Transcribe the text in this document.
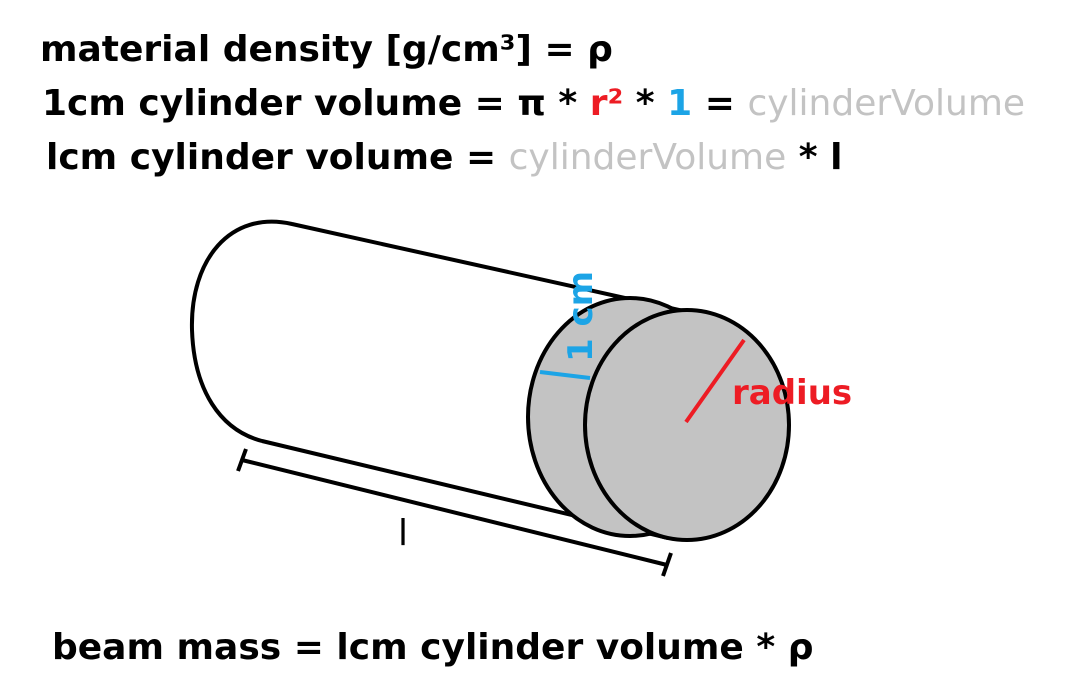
material density [g/cm³] = ρ
1cm cylinder volume = π * r² * 1 = cylinderVolume
lcm cylinder volume = cylinderVolume * l
beam mass = lcm cylinder volume * ρ
1 cm
radius
l
